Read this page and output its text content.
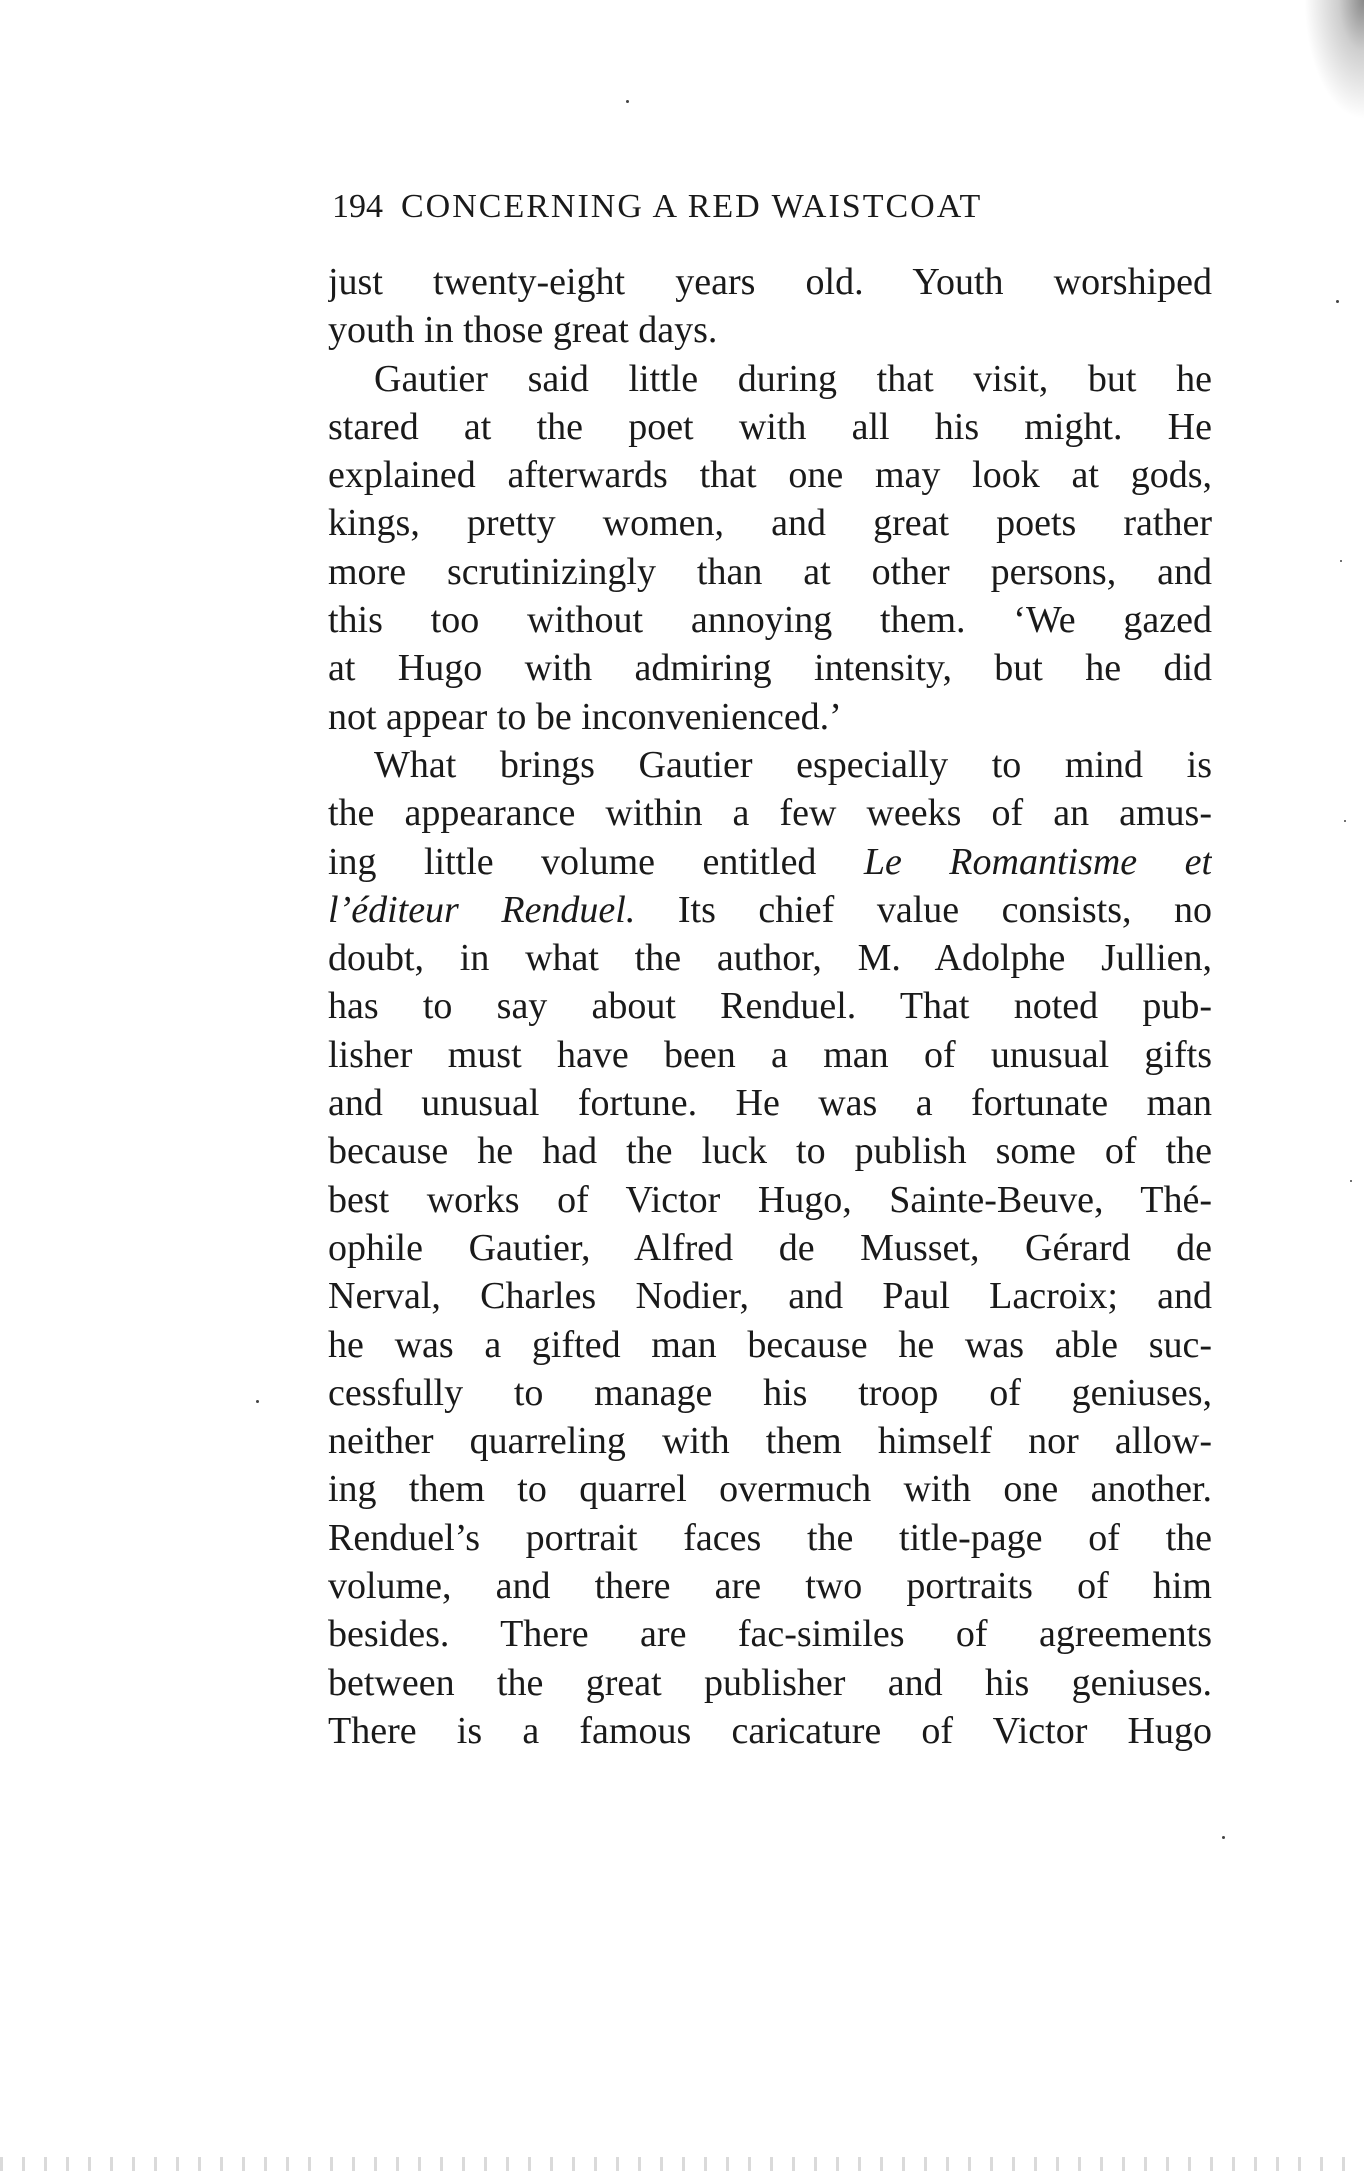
194 CONCERNING A RED WAISTCOAT
just twenty-eight years old. Youth worshiped
youth in those great days.
Gautier said little during that visit, but he
stared at the poet with all his might. He
explained afterwards that one may look at gods,
kings, pretty women, and great poets rather
more scrutinizingly than at other persons, and
this too without annoying them. ‘We gazed
at Hugo with admiring intensity, but he did
not appear to be inconvenienced.’
What brings Gautier especially to mind is
the appearance within a few weeks of an amus-
ing little volume entitled Le Romantisme et
l’éditeur Renduel. Its chief value consists, no
doubt, in what the author, M. Adolphe Jullien,
has to say about Renduel. That noted pub-
lisher must have been a man of unusual gifts
and unusual fortune. He was a fortunate man
because he had the luck to publish some of the
best works of Victor Hugo, Sainte-Beuve, Thé-
ophile Gautier, Alfred de Musset, Gérard de
Nerval, Charles Nodier, and Paul Lacroix; and
he was a gifted man because he was able suc-
cessfully to manage his troop of geniuses,
neither quarreling with them himself nor allow-
ing them to quarrel overmuch with one another.
Renduel’s portrait faces the title-page of the
volume, and there are two portraits of him
besides. There are fac-similes of agreements
between the great publisher and his geniuses.
There is a famous caricature of Victor Hugo
